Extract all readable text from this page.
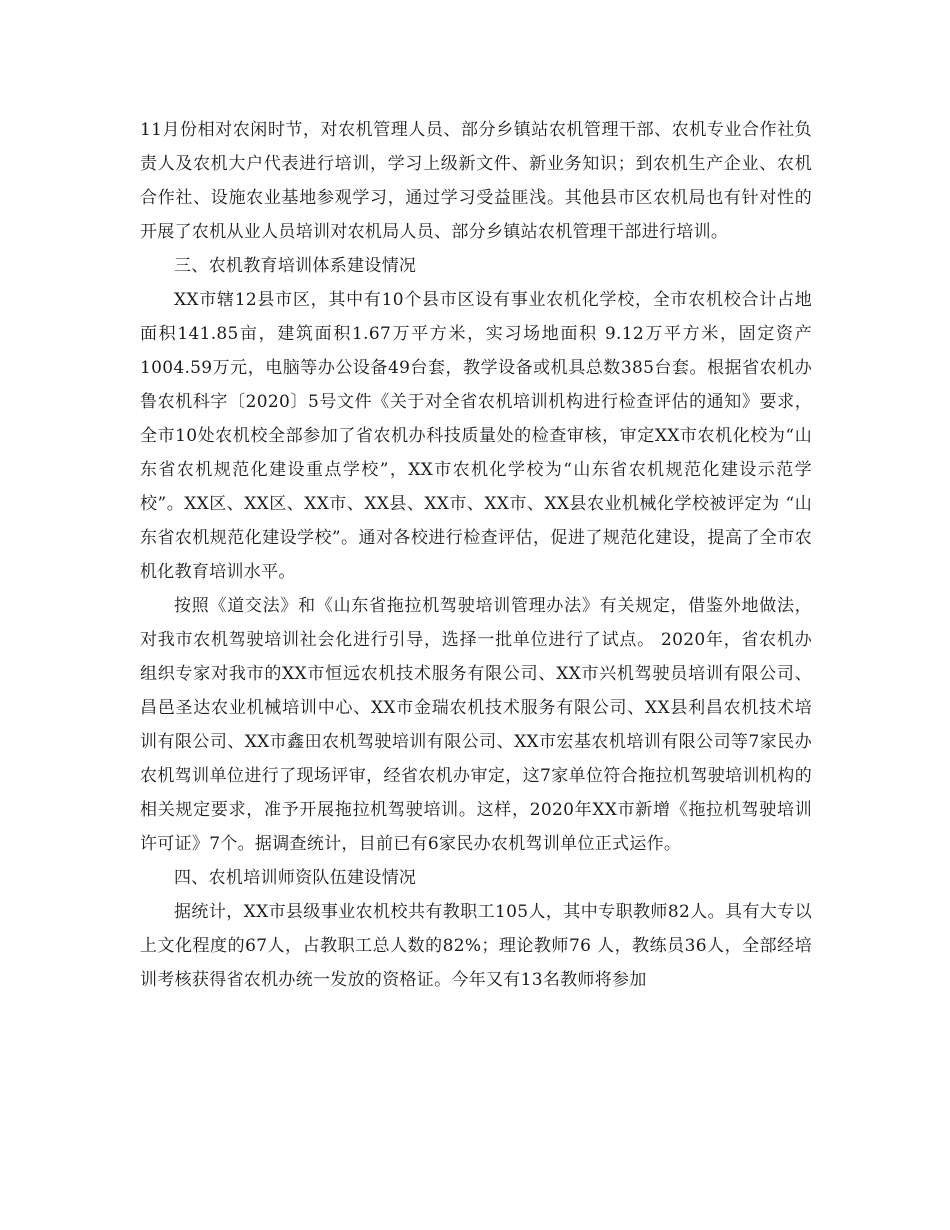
11月份相对农闲时节，对农机管理人员、部分乡镇站农机管理干部、农机专业合作社负责人及农机大户代表进行培训，学习上级新文件、新业务知识；到农机生产企业、农机合作社、设施农业基地参观学习，通过学习受益匪浅。其他县市区农机局也有针对性的开展了农机从业人员培训对农机局人员、部分乡镇站农机管理干部进行培训。

三、农机教育培训体系建设情况

XX市辖12县市区，其中有10个县市区设有事业农机化学校，全市农机校合计占地面积141.85亩，建筑面积1.67万平方米，实习场地面积 9.12万平方米，固定资产1004.59万元，电脑等办公设备49台套，教学设备或机具总数385台套。根据省农机办鲁农机科字〔2020〕5号文件《关于对全省农机培训机构进行检查评估的通知》要求，全市10处农机校全部参加了省农机办科技质量处的检查审核，审定XX市农机化校为“山东省农机规范化建设重点学校”，XX市农机化学校为“山东省农机规范化建设示范学校”。XX区、XX区、XX市、XX县、XX市、XX市、XX县农业机械化学校被评定为 “山东省农机规范化建设学校”。通对各校进行检查评估，促进了规范化建设，提高了全市农机化教育培训水平。

按照《道交法》和《山东省拖拉机驾驶培训管理办法》有关规定，借鉴外地做法，对我市农机驾驶培训社会化进行引导，选择一批单位进行了试点。 2020年，省农机办组织专家对我市的XX市恒远农机技术服务有限公司、XX市兴机驾驶员培训有限公司、昌邑圣达农业机械培训中心、XX市金瑞农机技术服务有限公司、XX县利昌农机技术培训有限公司、XX市鑫田农机驾驶培训有限公司、XX市宏基农机培训有限公司等7家民办农机驾训单位进行了现场评审，经省农机办审定，这7家单位符合拖拉机驾驶培训机构的相关规定要求，准予开展拖拉机驾驶培训。这样，2020年XX市新增《拖拉机驾驶培训许可证》7个。据调查统计，目前已有6家民办农机驾训单位正式运作。

四、农机培训师资队伍建设情况

据统计，XX市县级事业农机校共有教职工105人，其中专职教师82人。具有大专以上文化程度的67人，占教职工总人数的82%；理论教师76 人，教练员36人，全部经培训考核获得省农机办统一发放的资格证。今年又有13名教师将参加
